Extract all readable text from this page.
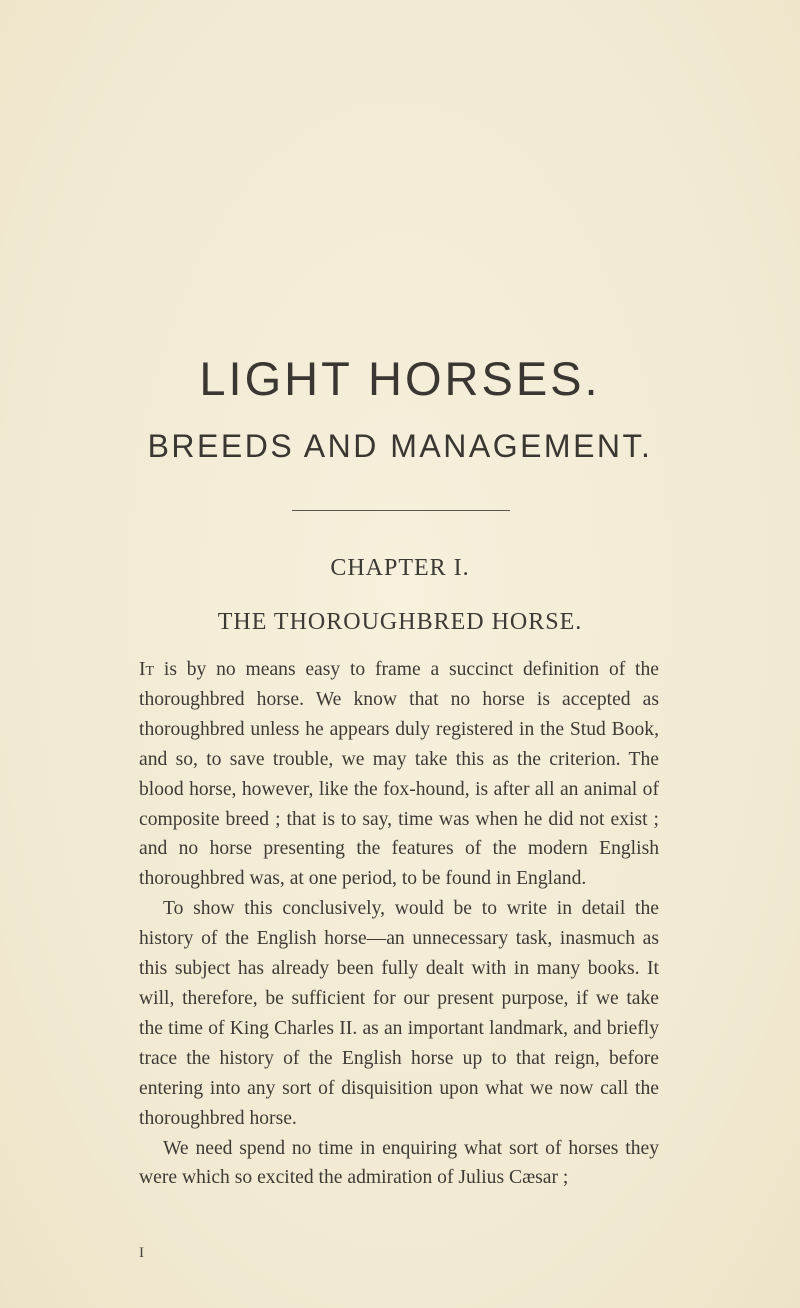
LIGHT HORSES.
BREEDS AND MANAGEMENT.
CHAPTER I.
THE THOROUGHBRED HORSE.

It is by no means easy to frame a succinct definition of the thoroughbred horse. We know that no horse is accepted as thoroughbred unless he appears duly registered in the Stud Book, and so, to save trouble, we may take this as the criterion. The blood horse, however, like the fox-hound, is after all an animal of composite breed ; that is to say, time was when he did not exist ; and no horse presenting the features of the modern English thoroughbred was, at one period, to be found in England.

To show this conclusively, would be to write in detail the history of the English horse—an unnecessary task, inasmuch as this subject has already been fully dealt with in many books. It will, therefore, be sufficient for our present purpose, if we take the time of King Charles II. as an important landmark, and briefly trace the history of the English horse up to that reign, before entering into any sort of disquisition upon what we now call the thoroughbred horse.

We need spend no time in enquiring what sort of horses they were which so excited the admiration of Julius Cæsar ;

I
